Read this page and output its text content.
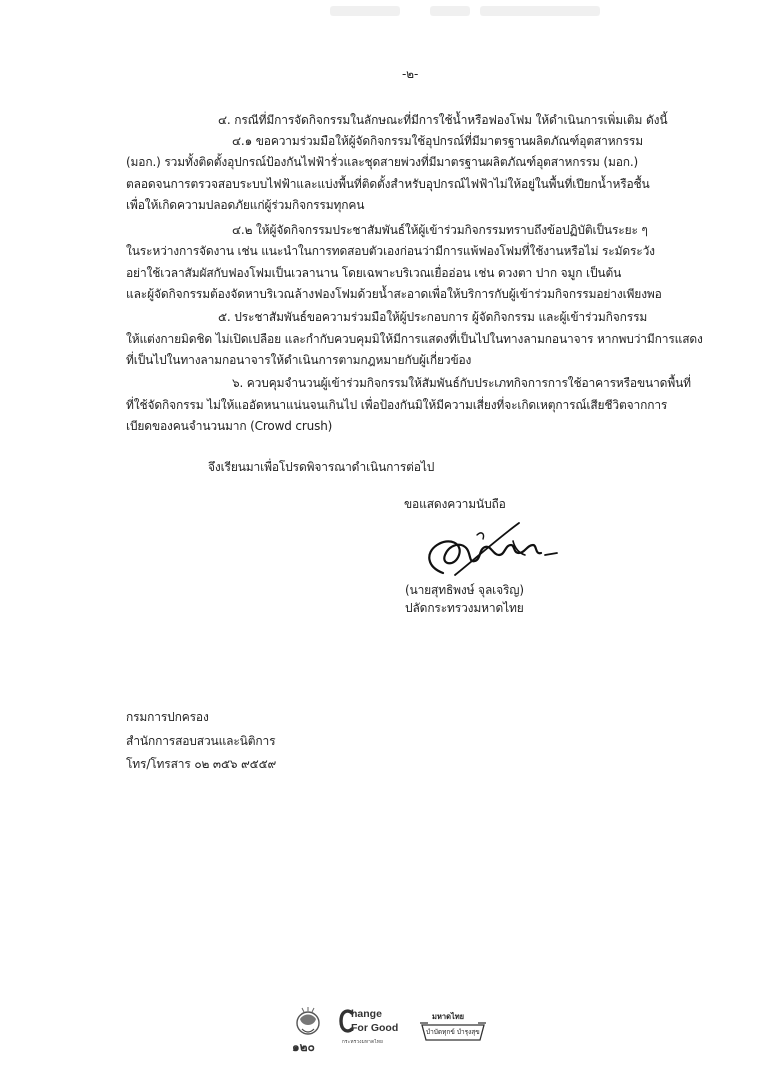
-๒-
๔. กรณีที่มีการจัดกิจกรรมในลักษณะที่มีการใช้น้ำหรือฟองโฟม ให้ดำเนินการเพิ่มเติม ดังนี้
๔.๑ ขอความร่วมมือให้ผู้จัดกิจกรรมใช้อุปกรณ์ที่มีมาตรฐานผลิตภัณฑ์อุตสาหกรรม
(มอก.) รวมทั้งติดตั้งอุปกรณ์ป้องกันไฟฟ้ารั่วและชุดสายพ่วงที่มีมาตรฐานผลิตภัณฑ์อุตสาหกรรม (มอก.)
ตลอดจนการตรวจสอบระบบไฟฟ้าและแบ่งพื้นที่ติดตั้งสำหรับอุปกรณ์ไฟฟ้าไม่ให้อยู่ในพื้นที่เปียกน้ำหรือชื้น
เพื่อให้เกิดความปลอดภัยแก่ผู้ร่วมกิจกรรมทุกคน
๔.๒ ให้ผู้จัดกิจกรรมประชาสัมพันธ์ให้ผู้เข้าร่วมกิจกรรมทราบถึงข้อปฏิบัติเป็นระยะ ๆ
ในระหว่างการจัดงาน เช่น แนะนำในการทดสอบตัวเองก่อนว่ามีการแพ้ฟองโฟมที่ใช้งานหรือไม่ ระมัดระวัง
อย่าใช้เวลาสัมผัสกับฟองโฟมเป็นเวลานาน โดยเฉพาะบริเวณเยื่ออ่อน เช่น ดวงตา ปาก จมูก เป็นต้น
และผู้จัดกิจกรรมต้องจัดหาบริเวณล้างฟองโฟมด้วยน้ำสะอาดเพื่อให้บริการกับผู้เข้าร่วมกิจกรรมอย่างเพียงพอ
๕. ประชาสัมพันธ์ขอความร่วมมือให้ผู้ประกอบการ ผู้จัดกิจกรรม และผู้เข้าร่วมกิจกรรม
ให้แต่งกายมิดชิด ไม่เปิดเปลือย และกำกับควบคุมมิให้มีการแสดงที่เป็นไปในทางลามกอนาจาร หากพบว่ามีการแสดง
ที่เป็นไปในทางลามกอนาจารให้ดำเนินการตามกฎหมายกับผู้เกี่ยวข้อง
๖. ควบคุมจำนวนผู้เข้าร่วมกิจกรรมให้สัมพันธ์กับประเภทกิจการการใช้อาคารหรือขนาดพื้นที่
ที่ใช้จัดกิจกรรม ไม่ให้แออัดหนาแน่นจนเกินไป เพื่อป้องกันมิให้มีความเสี่ยงที่จะเกิดเหตุการณ์เสียชีวิตจากการ
เบียดของคนจำนวนมาก (Crowd crush)
จึงเรียนมาเพื่อโปรดพิจารณาดำเนินการต่อไป
ขอแสดงความนับถือ
(นายสุทธิพงษ์ จุลเจริญ)
ปลัดกระทรวงมหาดไทย
กรมการปกครอง
สำนักการสอบสวนและนิติการ
โทร/โทรสาร ๐๒ ๓๕๖ ๙๕๕๙
๑๒๐
hange
For Good
กระทรวงมหาดไทย
มหาดไทย
บำบัดทุกข์ บำรุงสุข
